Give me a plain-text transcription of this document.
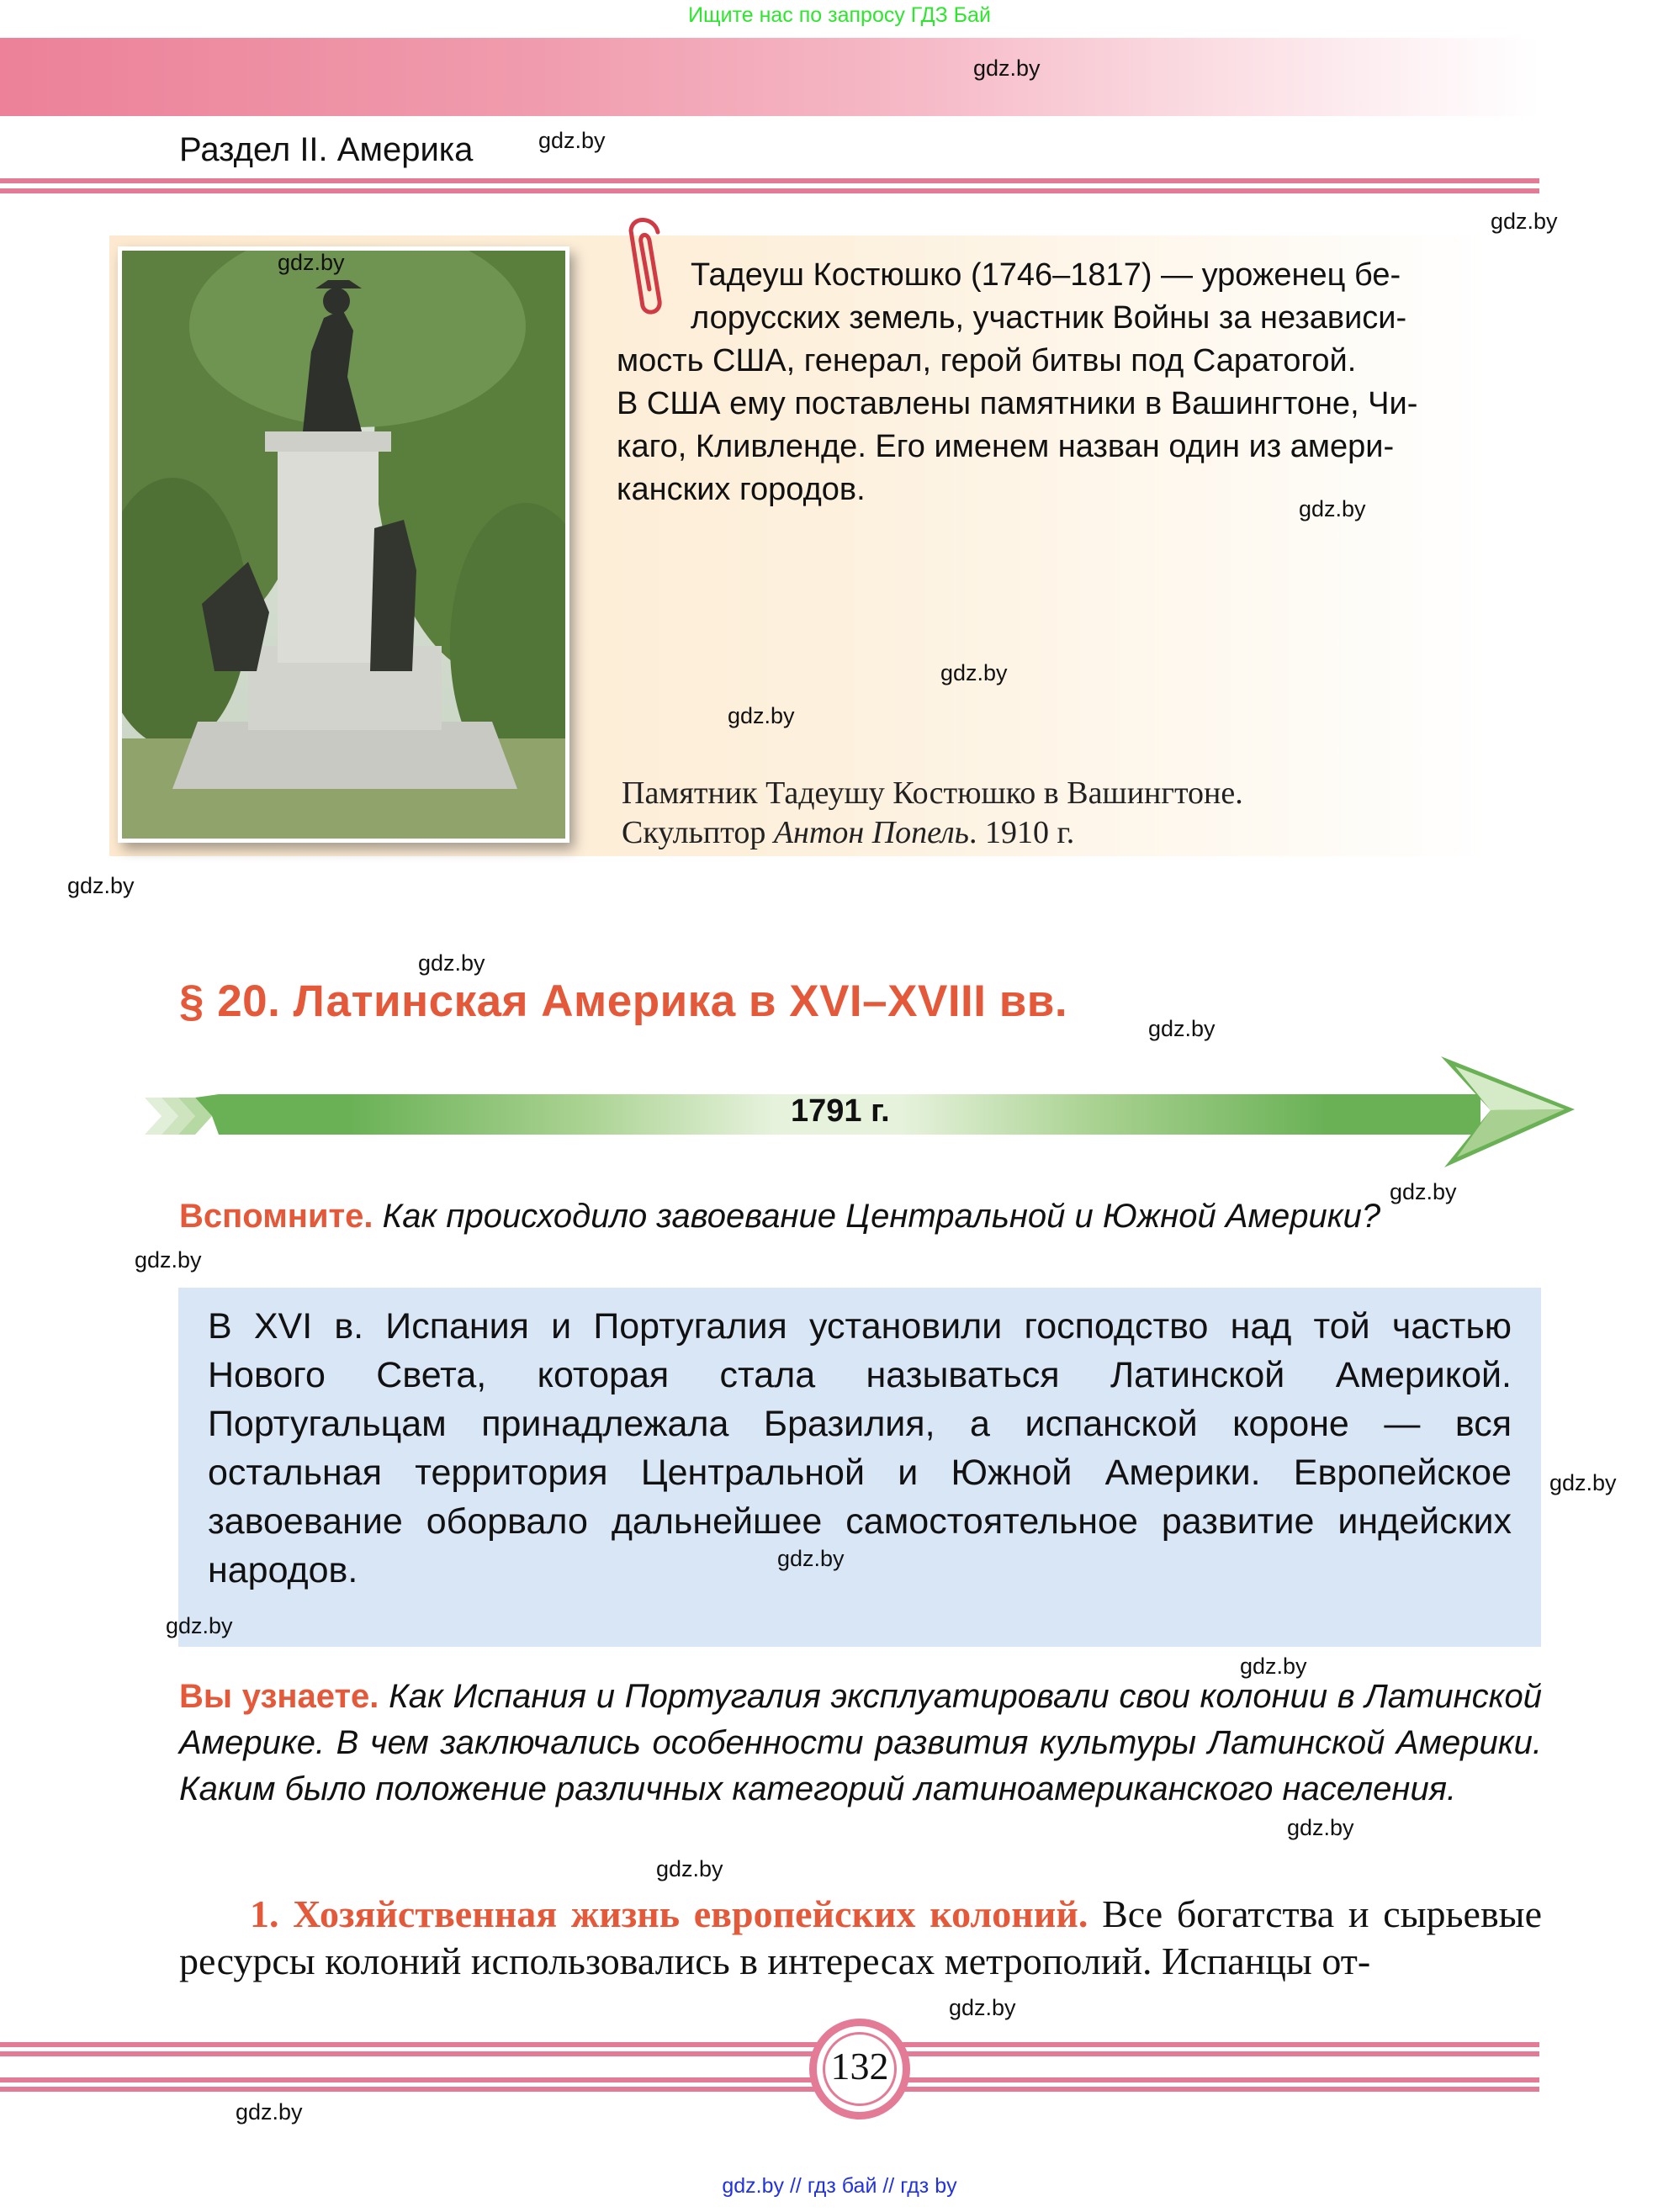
Ищите нас по запросу ГДЗ Бай
Раздел II. Америка
Тадеуш Костюшко (1746–1817) — уроженец бе-
лорусских земель, участник Войны за независи-
мость США, генерал, герой битвы под Саратогой.
В США ему поставлены памятники в Вашингтоне, Чи-
каго, Кливленде. Его именем назван один из амери-
канских городов.
Памятник Тадеушу Костюшко в Вашингтоне.
Скульптор Антон Попель. 1910 г.
§ 20. Латинская Америка в XVI–XVIII вв.
1791 г.
Вспомните. Как происходило завоевание Центральной и Южной Америки?
В XVI в. Испания и Португалия установили господство над той частью Нового Света, которая стала называться Латинской Америкой. Португальцам принадлежала Бразилия, а испанской короне — вся остальная территория Центральной и Южной Америки. Европейское завоевание оборвало дальнейшее самостоятельное развитие индейских народов.
Вы узнаете. Как Испания и Португалия эксплуатировали свои колонии в Латинской Америке. В чем заключались особенности развития культуры Латинской Америки. Каким было положение различных категорий латиноамериканского населения.
1. Хозяйственная жизнь европейских колоний. Все богатства и сырьевые ресурсы колоний использовались в интересах метрополий. Испанцы от-
132
gdz.by // гдз бай // гдз by
gdz.by
gdz.by
gdz.by
gdz.by
gdz.by
gdz.by
gdz.by
gdz.by
gdz.by
gdz.by
gdz.by
gdz.by
gdz.by
gdz.by
gdz.by
gdz.by
gdz.by
gdz.by
gdz.by
gdz.by
